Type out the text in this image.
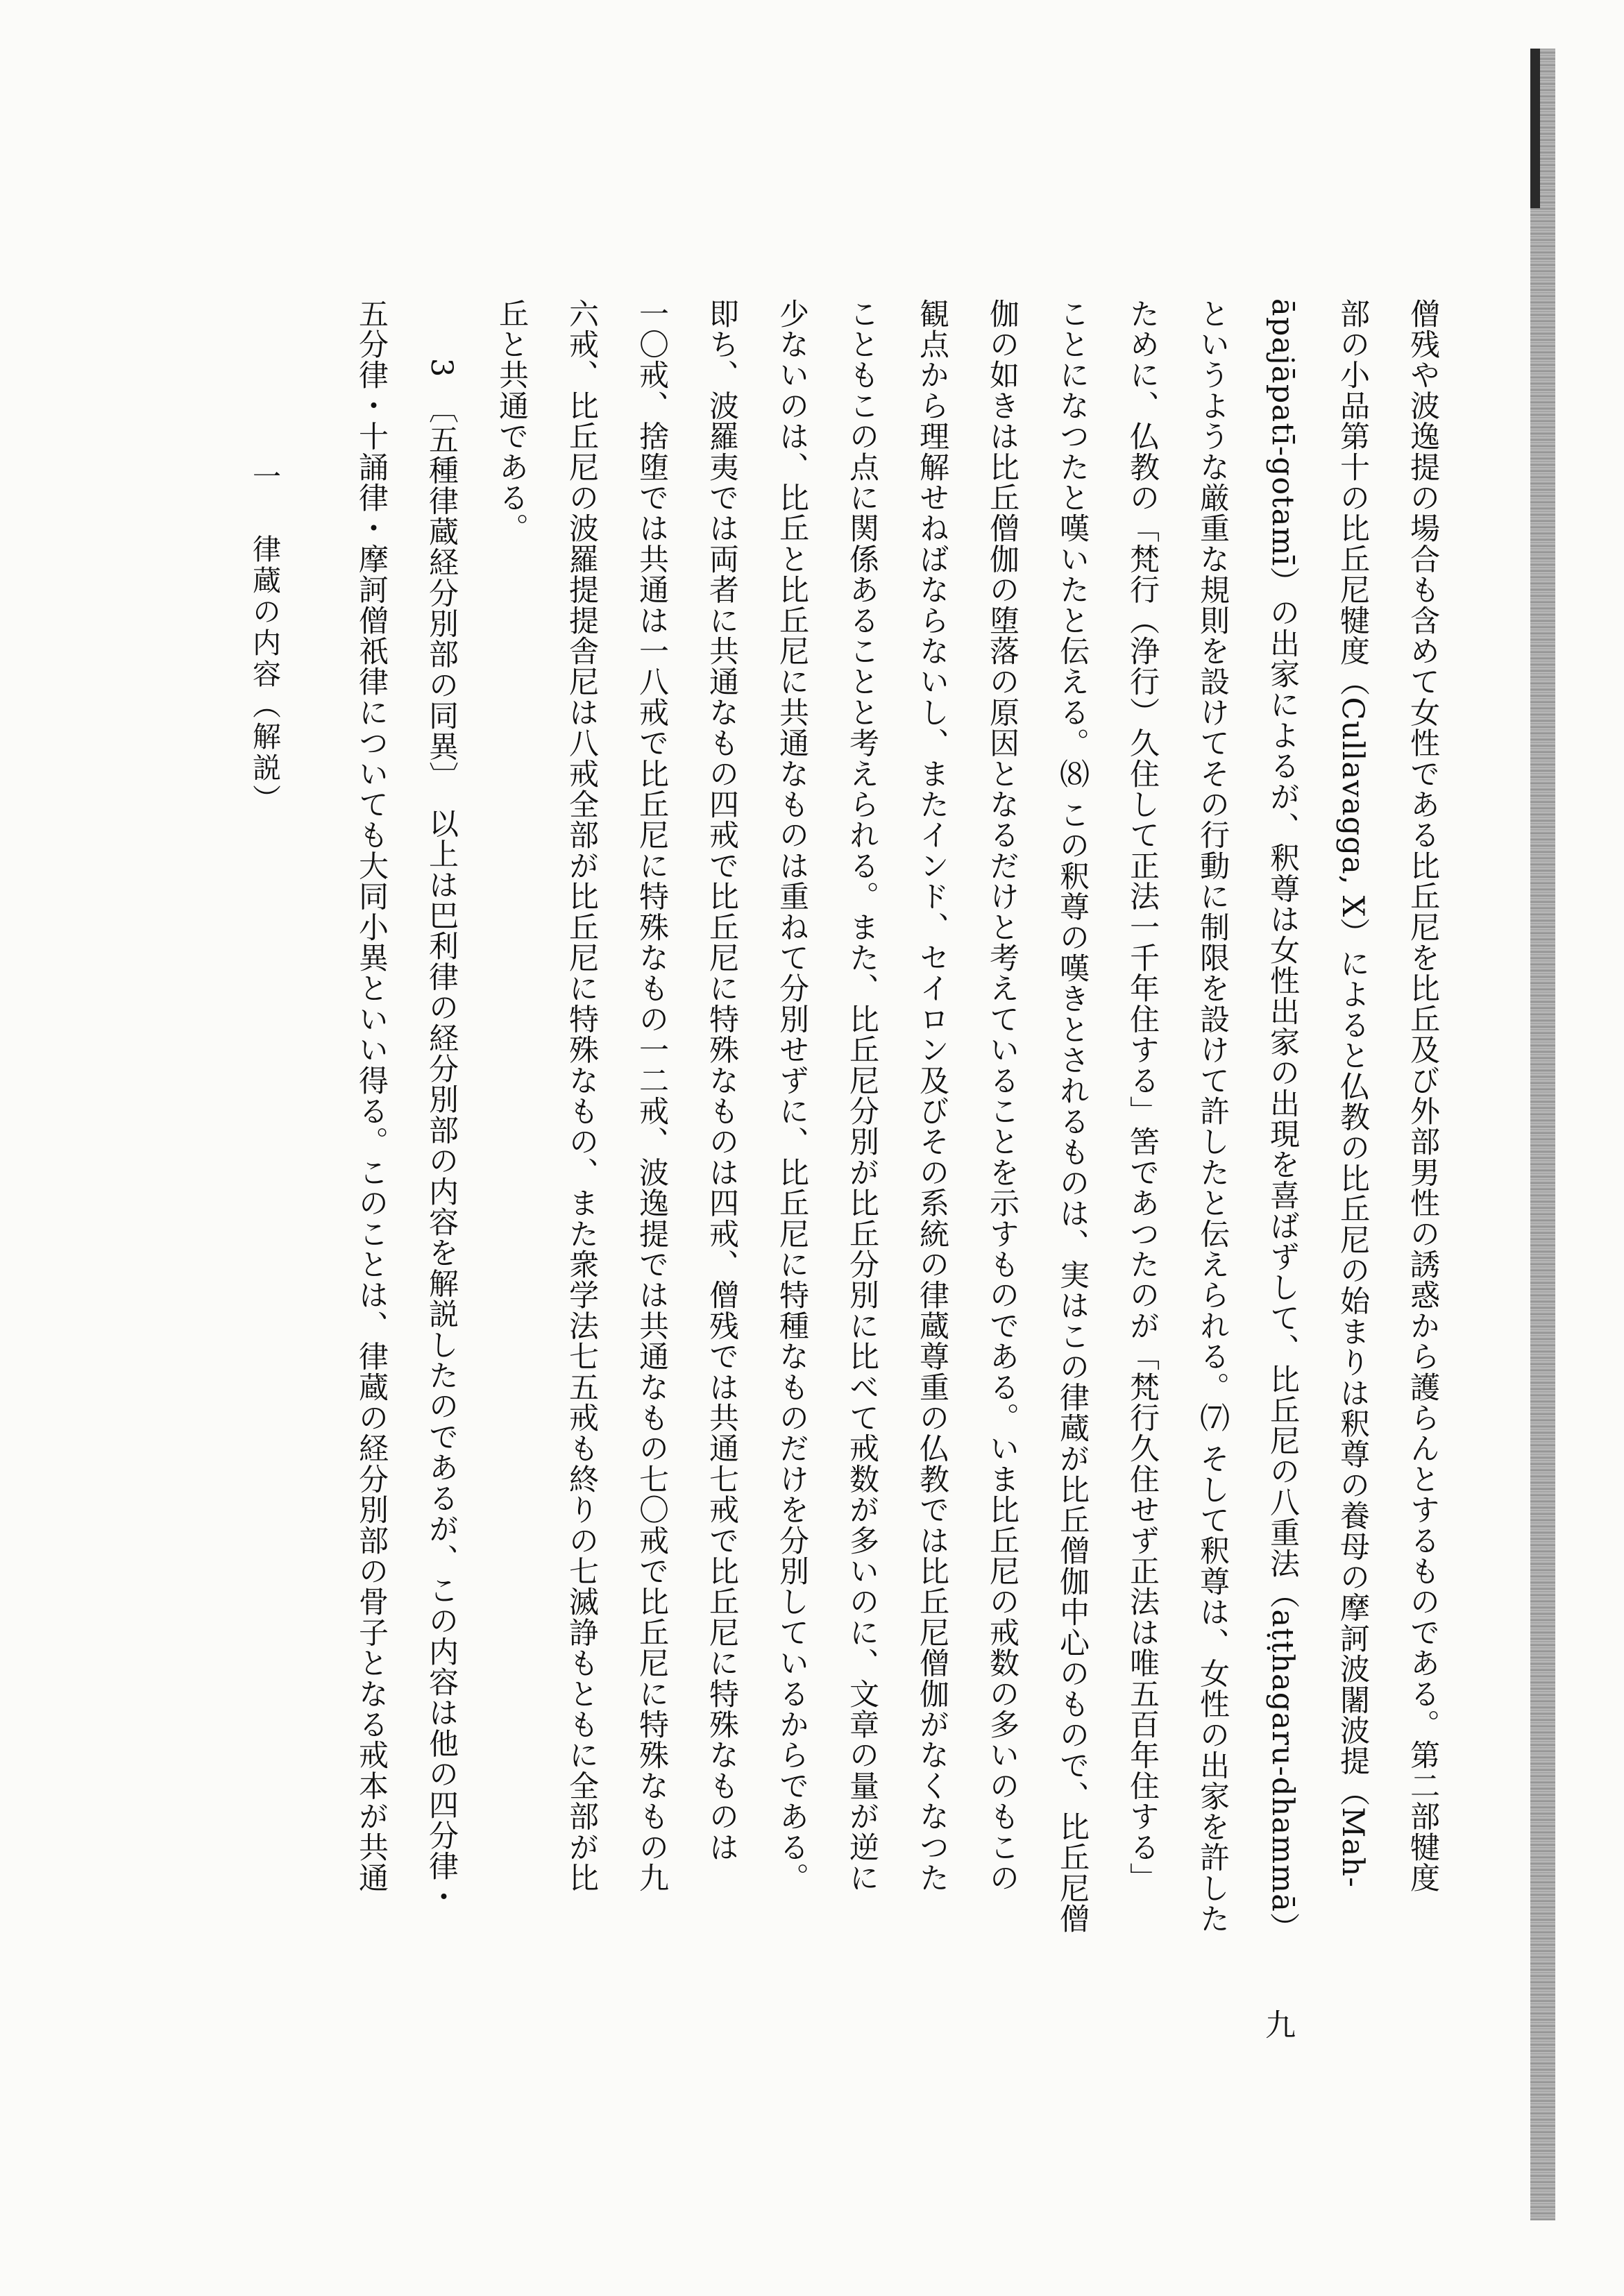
僧残や波逸提の場合も含めて女性である比丘尼を比丘及び外部男性の誘惑から護らんとするものである。第二部犍度
部の小品第十の比丘尼犍度（Cullavagga, X）によると仏教の比丘尼の始まりは釈尊の養母の摩訶波闍波提（Mah-
āpajāpatī-gotamī）の出家によるが、釈尊は女性出家の出現を喜ばずして、比丘尼の八重法（aṭṭhagaru-dhammā）
というような厳重な規則を設けてその行動に制限を設けて許したと伝えられる。⑺ そして釈尊は、女性の出家を許した
ために、仏教の「梵行（浄行）久住して正法一千年住する」筈であつたのが「梵行久住せず正法は唯五百年住する」
ことになつたと嘆いたと伝える。⑻ この釈尊の嘆きとされるものは、実はこの律蔵が比丘僧伽中心のもので、比丘尼僧
伽の如きは比丘僧伽の堕落の原因となるだけと考えていることを示すものである。いま比丘尼の戒数の多いのもこの
観点から理解せねばならないし、またインド、セイロン及びその系統の律蔵尊重の仏教では比丘尼僧伽がなくなつた
こともこの点に関係あることと考えられる。また、比丘尼分別が比丘分別に比べて戒数が多いのに、文章の量が逆に
少ないのは、比丘と比丘尼に共通なものは重ねて分別せずに、比丘尼に特種なものだけを分別しているからである。
即ち、波羅夷では両者に共通なもの四戒で比丘尼に特殊なものは四戒、僧残では共通七戒で比丘尼に特殊なものは
一〇戒、捨堕では共通は一八戒で比丘尼に特殊なもの一二戒、波逸提では共通なもの七〇戒で比丘尼に特殊なもの九
六戒、比丘尼の波羅提提舎尼は八戒全部が比丘尼に特殊なもの、また衆学法七五戒も終りの七滅諍もともに全部が比
丘と共通である。
3　〔五種律蔵経分別部の同異〕　以上は巴利律の経分別部の内容を解説したのであるが、この内容は他の四分律・
五分律・十誦律・摩訶僧祇律についても大同小異といい得る。このことは、律蔵の経分別部の骨子となる戒本が共通
一
律蔵の内容（解説）
九
